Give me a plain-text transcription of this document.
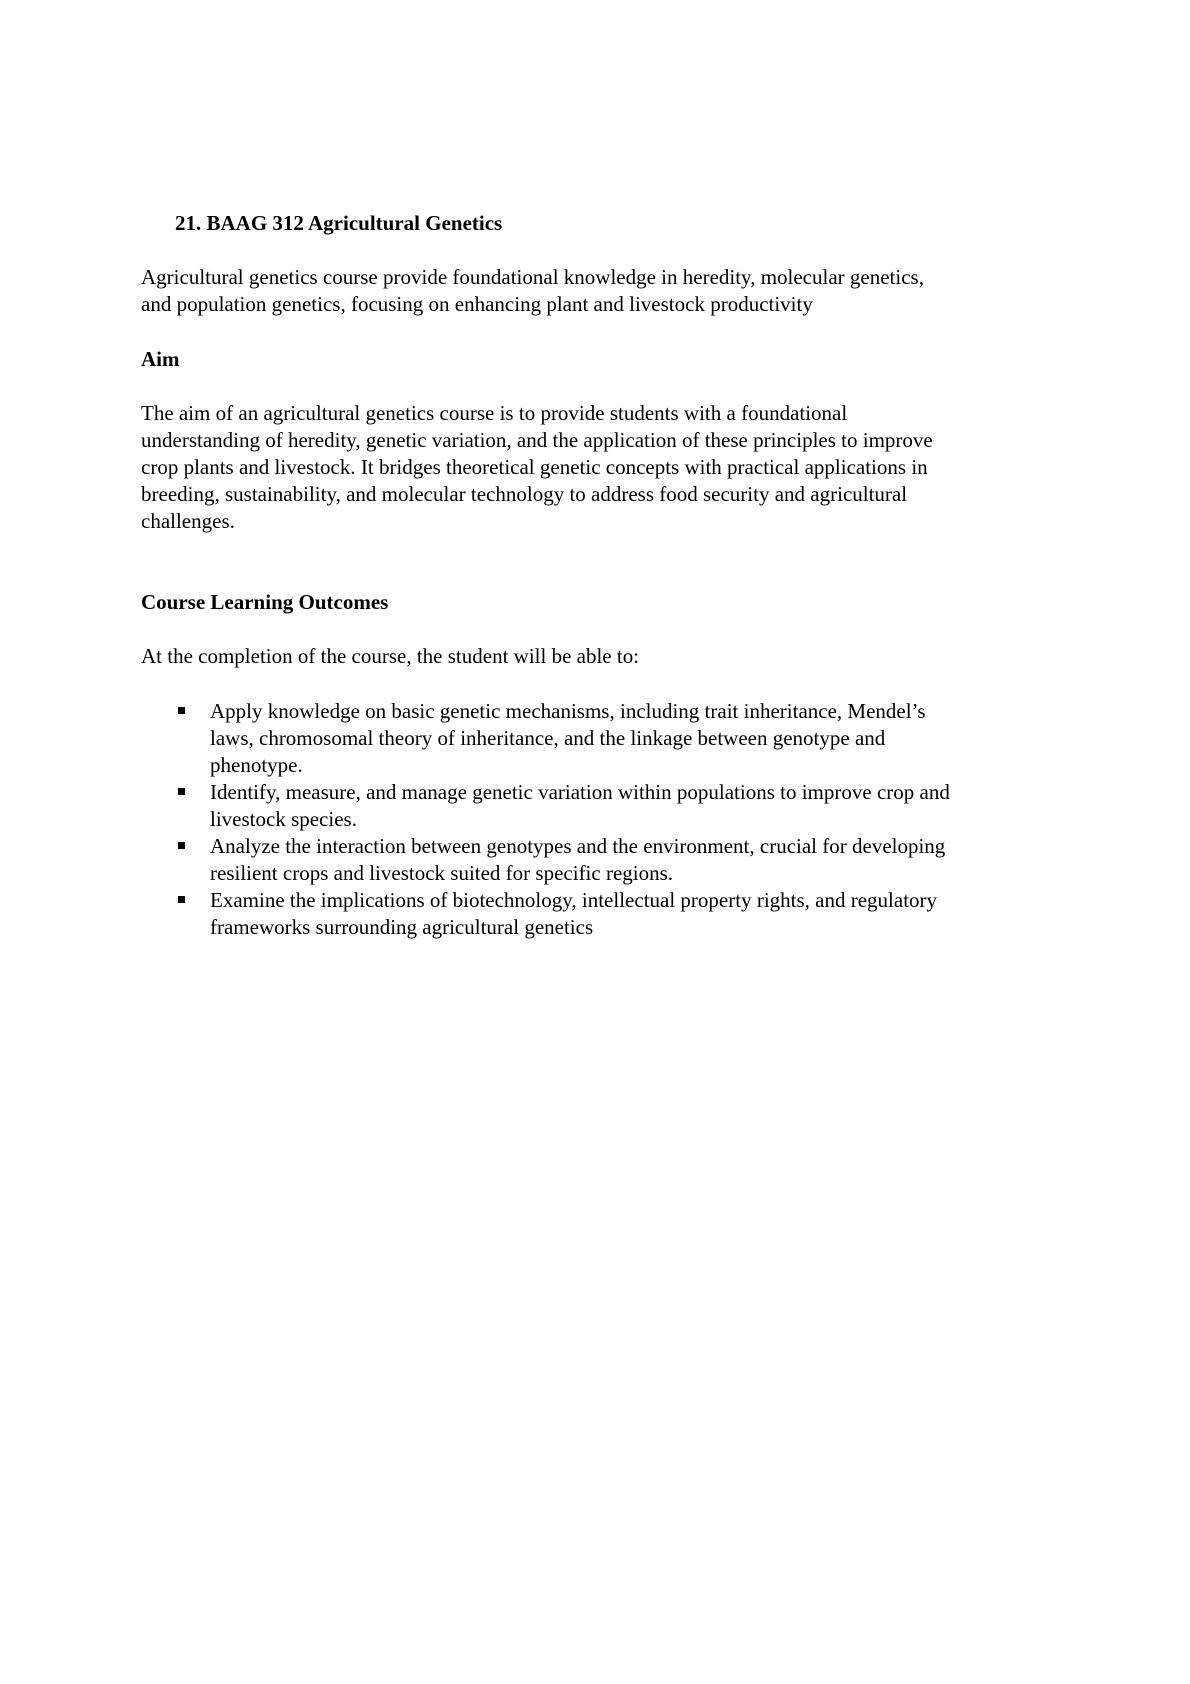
21. BAAG 312 Agricultural Genetics
Agricultural genetics course provide foundational knowledge in heredity, molecular genetics,
and population genetics, focusing on enhancing plant and livestock productivity
Aim
The aim of an agricultural genetics course is to provide students with a foundational
understanding of heredity, genetic variation, and the application of these principles to improve
crop plants and livestock. It bridges theoretical genetic concepts with practical applications in
breeding, sustainability, and molecular technology to address food security and agricultural
challenges.
Course Learning Outcomes
At the completion of the course, the student will be able to:
Apply knowledge on basic genetic mechanisms, including trait inheritance, Mendel’s
laws, chromosomal theory of inheritance, and the linkage between genotype and
phenotype.
Identify, measure, and manage genetic variation within populations to improve crop and
livestock species.
Analyze the interaction between genotypes and the environment, crucial for developing
resilient crops and livestock suited for specific regions.
Examine the implications of biotechnology, intellectual property rights, and regulatory
frameworks surrounding agricultural genetics
